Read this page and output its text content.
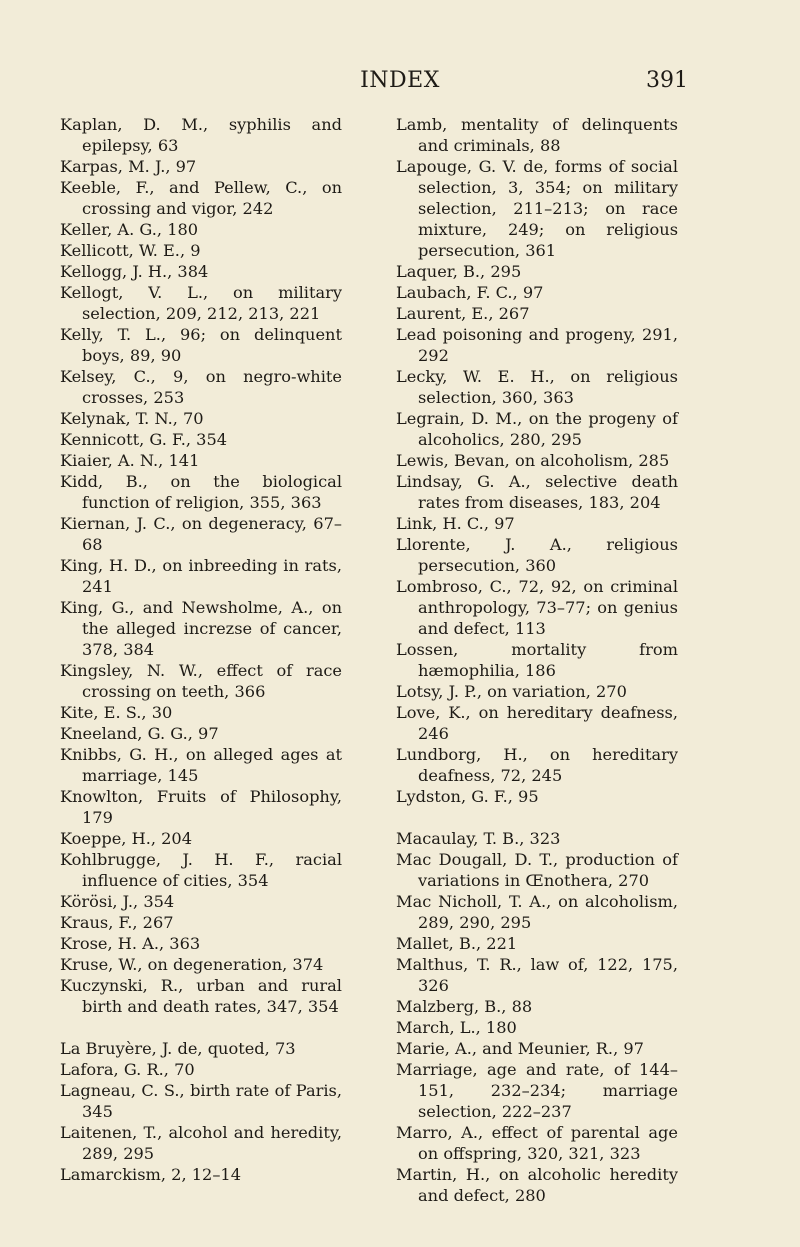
INDEX	391
Kaplan, D. M., syphilis and epilepsy, 63
Karpas, M. J., 97
Keeble, F., and Pellew, C., on crossing and vigor, 242
Keller, A. G., 180
Kellicott, W. E., 9
Kellogg, J. H., 384
Kellogt, V. L., on military selection, 209, 212, 213, 221
Kelly, T. L., 96; on delinquent boys, 89, 90
Kelsey, C., 9, on negro-white crosses, 253
Kelynak, T. N., 70
Kennicott, G. F., 354
Kiaier, A. N., 141
Kidd, B., on the biological function of religion, 355, 363
Kiernan, J. C., on degeneracy, 67–68
King, H. D., on inbreeding in rats, 241
King, G., and Newsholme, A., on the alleged increzse of cancer, 378, 384
Kingsley, N. W., effect of race crossing on teeth, 366
Kite, E. S., 30
Kneeland, G. G., 97
Knibbs, G. H., on alleged ages at marriage, 145
Knowlton, Fruits of Philosophy, 179
Koeppe, H., 204
Kohlbrugge, J. H. F., racial influence of cities, 354
Körösi, J., 354
Kraus, F., 267
Krose, H. A., 363
Kruse, W., on degeneration, 374
Kuczynski, R., urban and rural birth and death rates, 347, 354
La Bruyère, J. de, quoted, 73
Lafora, G. R., 70
Lagneau, C. S., birth rate of Paris, 345
Laitenen, T., alcohol and heredity, 289, 295
Lamarckism, 2, 12–14
Lamb, mentality of delinquents and criminals, 88
Lapouge, G. V. de, forms of social selection, 3, 354; on military selection, 211–213; on race mixture, 249; on religious persecution, 361
Laquer, B., 295
Laubach, F. C., 97
Laurent, E., 267
Lead poisoning and progeny, 291, 292
Lecky, W. E. H., on religious selection, 360, 363
Legrain, D. M., on the progeny of alcoholics, 280, 295
Lewis, Bevan, on alcoholism, 285
Lindsay, G. A., selective death rates from diseases, 183, 204
Link, H. C., 97
Llorente, J. A., religious persecution, 360
Lombroso, C., 72, 92, on criminal anthropology, 73–77; on genius and defect, 113
Lossen, mortality from hæmophilia, 186
Lotsy, J. P., on variation, 270
Love, K., on hereditary deafness, 246
Lundborg, H., on hereditary deafness, 72, 245
Lydston, G. F., 95
Macaulay, T. B., 323
Mac Dougall, D. T., production of variations in Œnothera, 270
Mac Nicholl, T. A., on alcoholism, 289, 290, 295
Mallet, B., 221
Malthus, T. R., law of, 122, 175, 326
Malzberg, B., 88
March, L., 180
Marie, A., and Meunier, R., 97
Marriage, age and rate, of 144–151, 232–234; marriage selection, 222–237
Marro, A., effect of parental age on offspring, 320, 321, 323
Martin, H., on alcoholic heredity and defect, 280
